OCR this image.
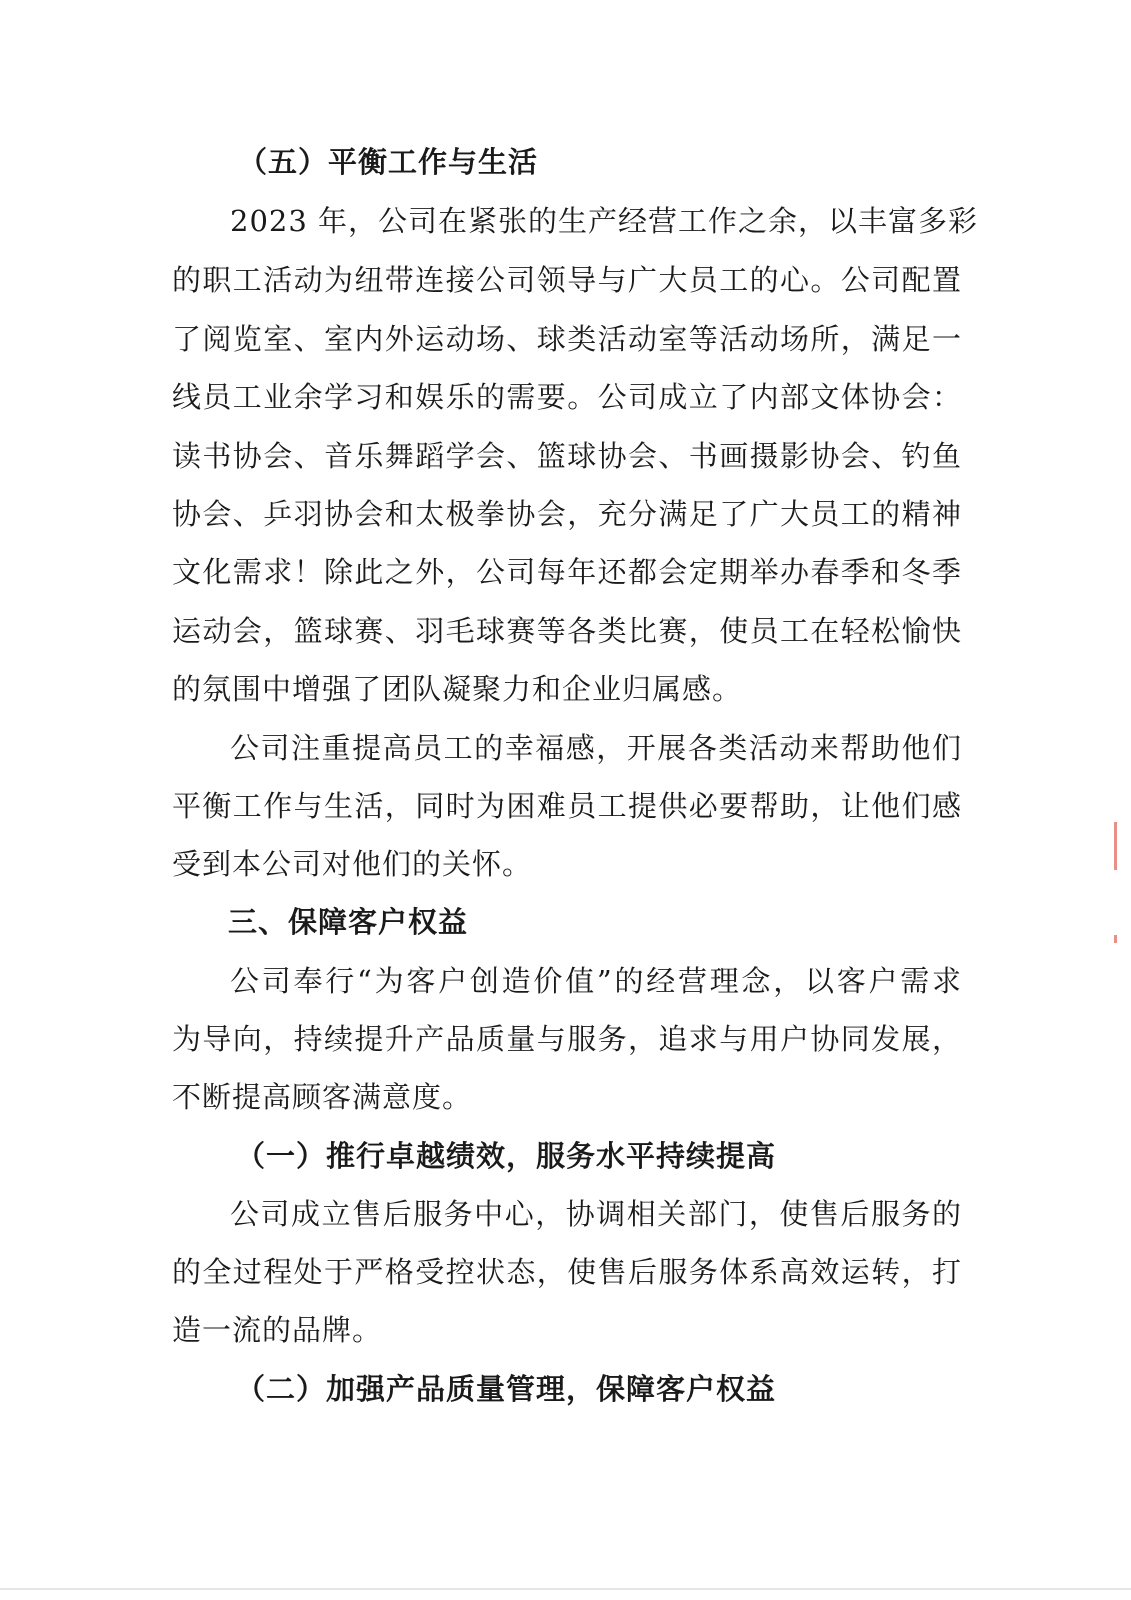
（五）平衡工作与生活
2023 年，公司在紧张的生产经营工作之余，以丰富多彩
的职工活动为纽带连接公司领导与广大员工的心。公司配置
了阅览室、室内外运动场、球类活动室等活动场所，满足一
线员工业余学习和娱乐的需要。公司成立了内部文体协会：
读书协会、音乐舞蹈学会、篮球协会、书画摄影协会、钓鱼
协会、乒羽协会和太极拳协会，充分满足了广大员工的精神
文化需求！除此之外，公司每年还都会定期举办春季和冬季
运动会，篮球赛、羽毛球赛等各类比赛，使员工在轻松愉快
的氛围中增强了团队凝聚力和企业归属感。
公司注重提高员工的幸福感，开展各类活动来帮助他们
平衡工作与生活，同时为困难员工提供必要帮助，让他们感
受到本公司对他们的关怀。
三、保障客户权益
公司奉行“为客户创造价值”的经营理念，以客户需求
为导向，持续提升产品质量与服务，追求与用户协同发展，
不断提高顾客满意度。
（一）推行卓越绩效，服务水平持续提高
公司成立售后服务中心，协调相关部门，使售后服务的
的全过程处于严格受控状态，使售后服务体系高效运转，打
造一流的品牌。
（二）加强产品质量管理，保障客户权益
